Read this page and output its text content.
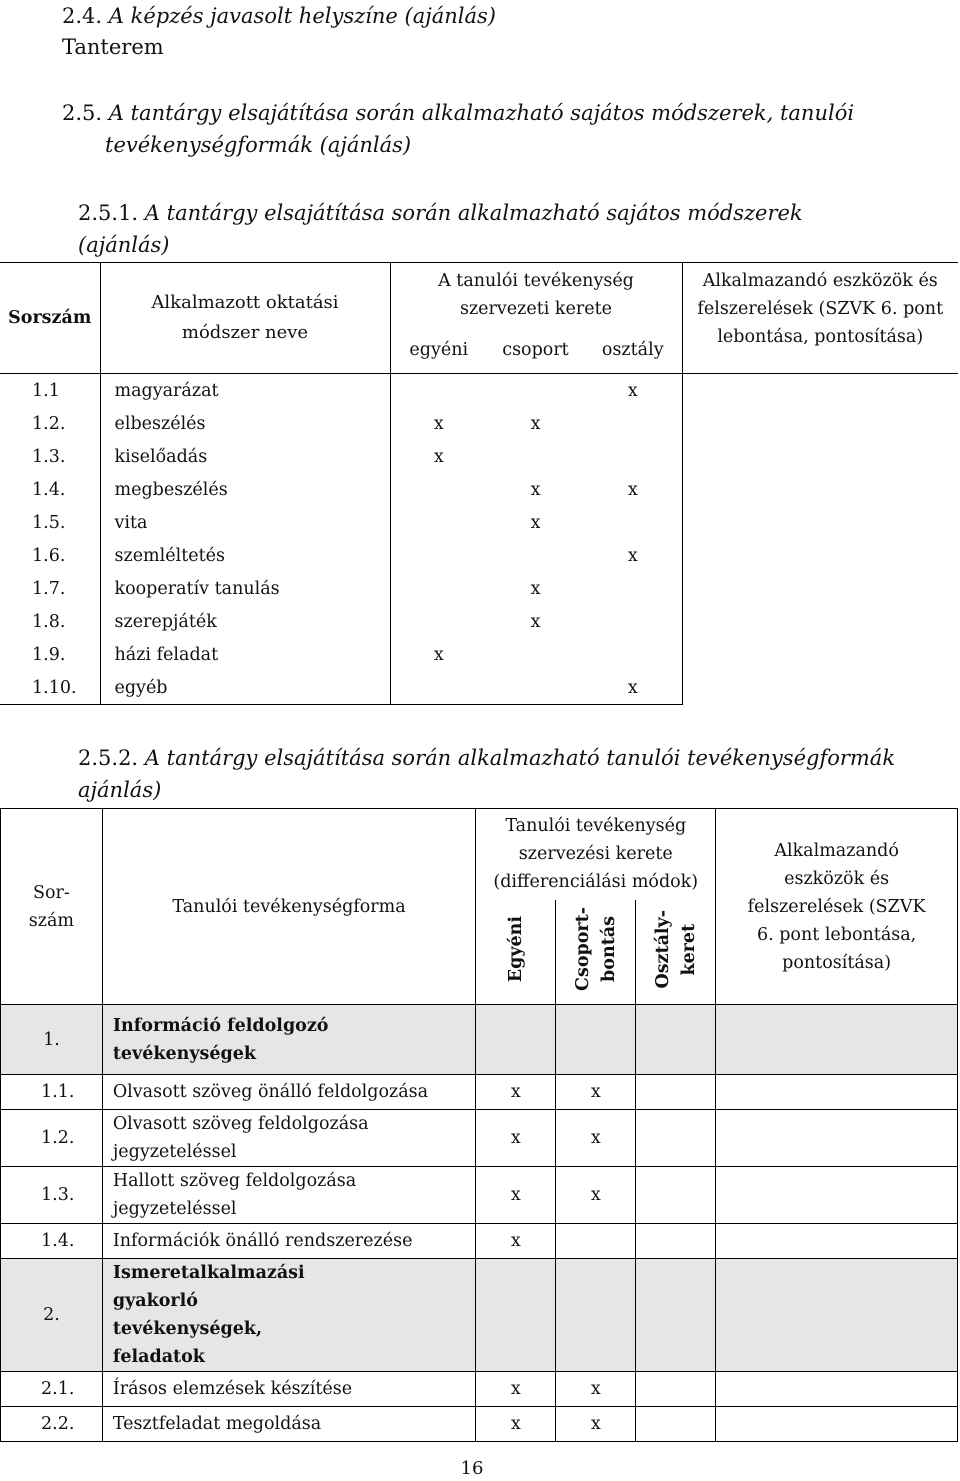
2.4. A képzés javasolt helyszíne (ajánlás)
Tanterem
2.5. A tantárgy elsajátítása során alkalmazható sajátos módszerek, tanulói
tevékenységformák (ajánlás)
2.5.1. A tantárgy elsajátítása során alkalmazható sajátos módszerek
(ajánlás)
Sorszám	Alkalmazott oktatási módszer neve	A tanulói tevékenység szervezeti kerete			Alkalmazandó eszközök és felszerelések (SZVK 6. pont lebontása, pontosítása)

		egyéni	csoport	osztály	
1.1	magyarázat			x	
1.2.	elbeszélés	x	x		
1.3.	kiselőadás	x			
1.4.	megbeszélés		x	x	
1.5.	vita		x		
1.6.	szemléltetés			x	
1.7.	kooperatív tanulás		x		
1.8.	szerepjáték		x		
1.9.	házi feladat	x			
1.10.	egyéb			x	
2.5.2. A tantárgy elsajátítása során alkalmazható tanulói tevékenységformák
ajánlás)
Sor-
szám	Tanulói tevékenységforma	Tanulói tevékenység szervezési kerete (differenciálási módok)			Alkalmazandó eszközök és felszerelések (SZVK 6. pont lebontása, pontosítása)

		Egyéni	Csoport- bontás	Osztály- keret	
1.	Információ feldolgozó tevékenységek				

1.1.	Olvasott szöveg önálló feldolgozása	x	x		
1.2.	Olvasott szöveg feldolgozása jegyzeteléssel	x	x		
1.3.	Hallott szöveg feldolgozása jegyzeteléssel	x	x		
1.4.	Információk önálló rendszerezése	x			
2.	Ismeretalkalmazási gyakorló tevékenységek, feladatok				

2.1.	Írásos elemzések készítése	x	x		
2.2.	Tesztfeladat megoldása	x	x		
16
